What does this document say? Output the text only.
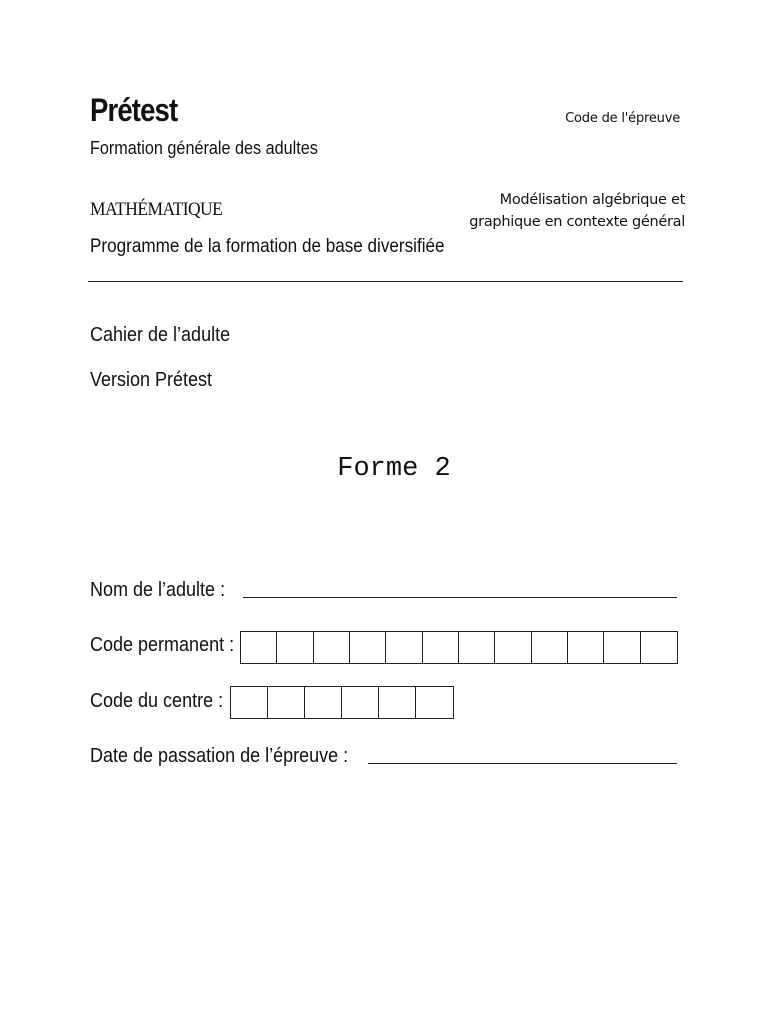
Prétest
Formation générale des adultes
Code de l'épreuve
MATHÉMATIQUE
Programme de la formation de base diversifiée
Modélisation algébrique et graphique en contexte général
Cahier de l’adulte
Version Prétest
Forme 2
Nom de l’adulte :
Code permanent :
Code du centre :
Date de passation de l’épreuve :
